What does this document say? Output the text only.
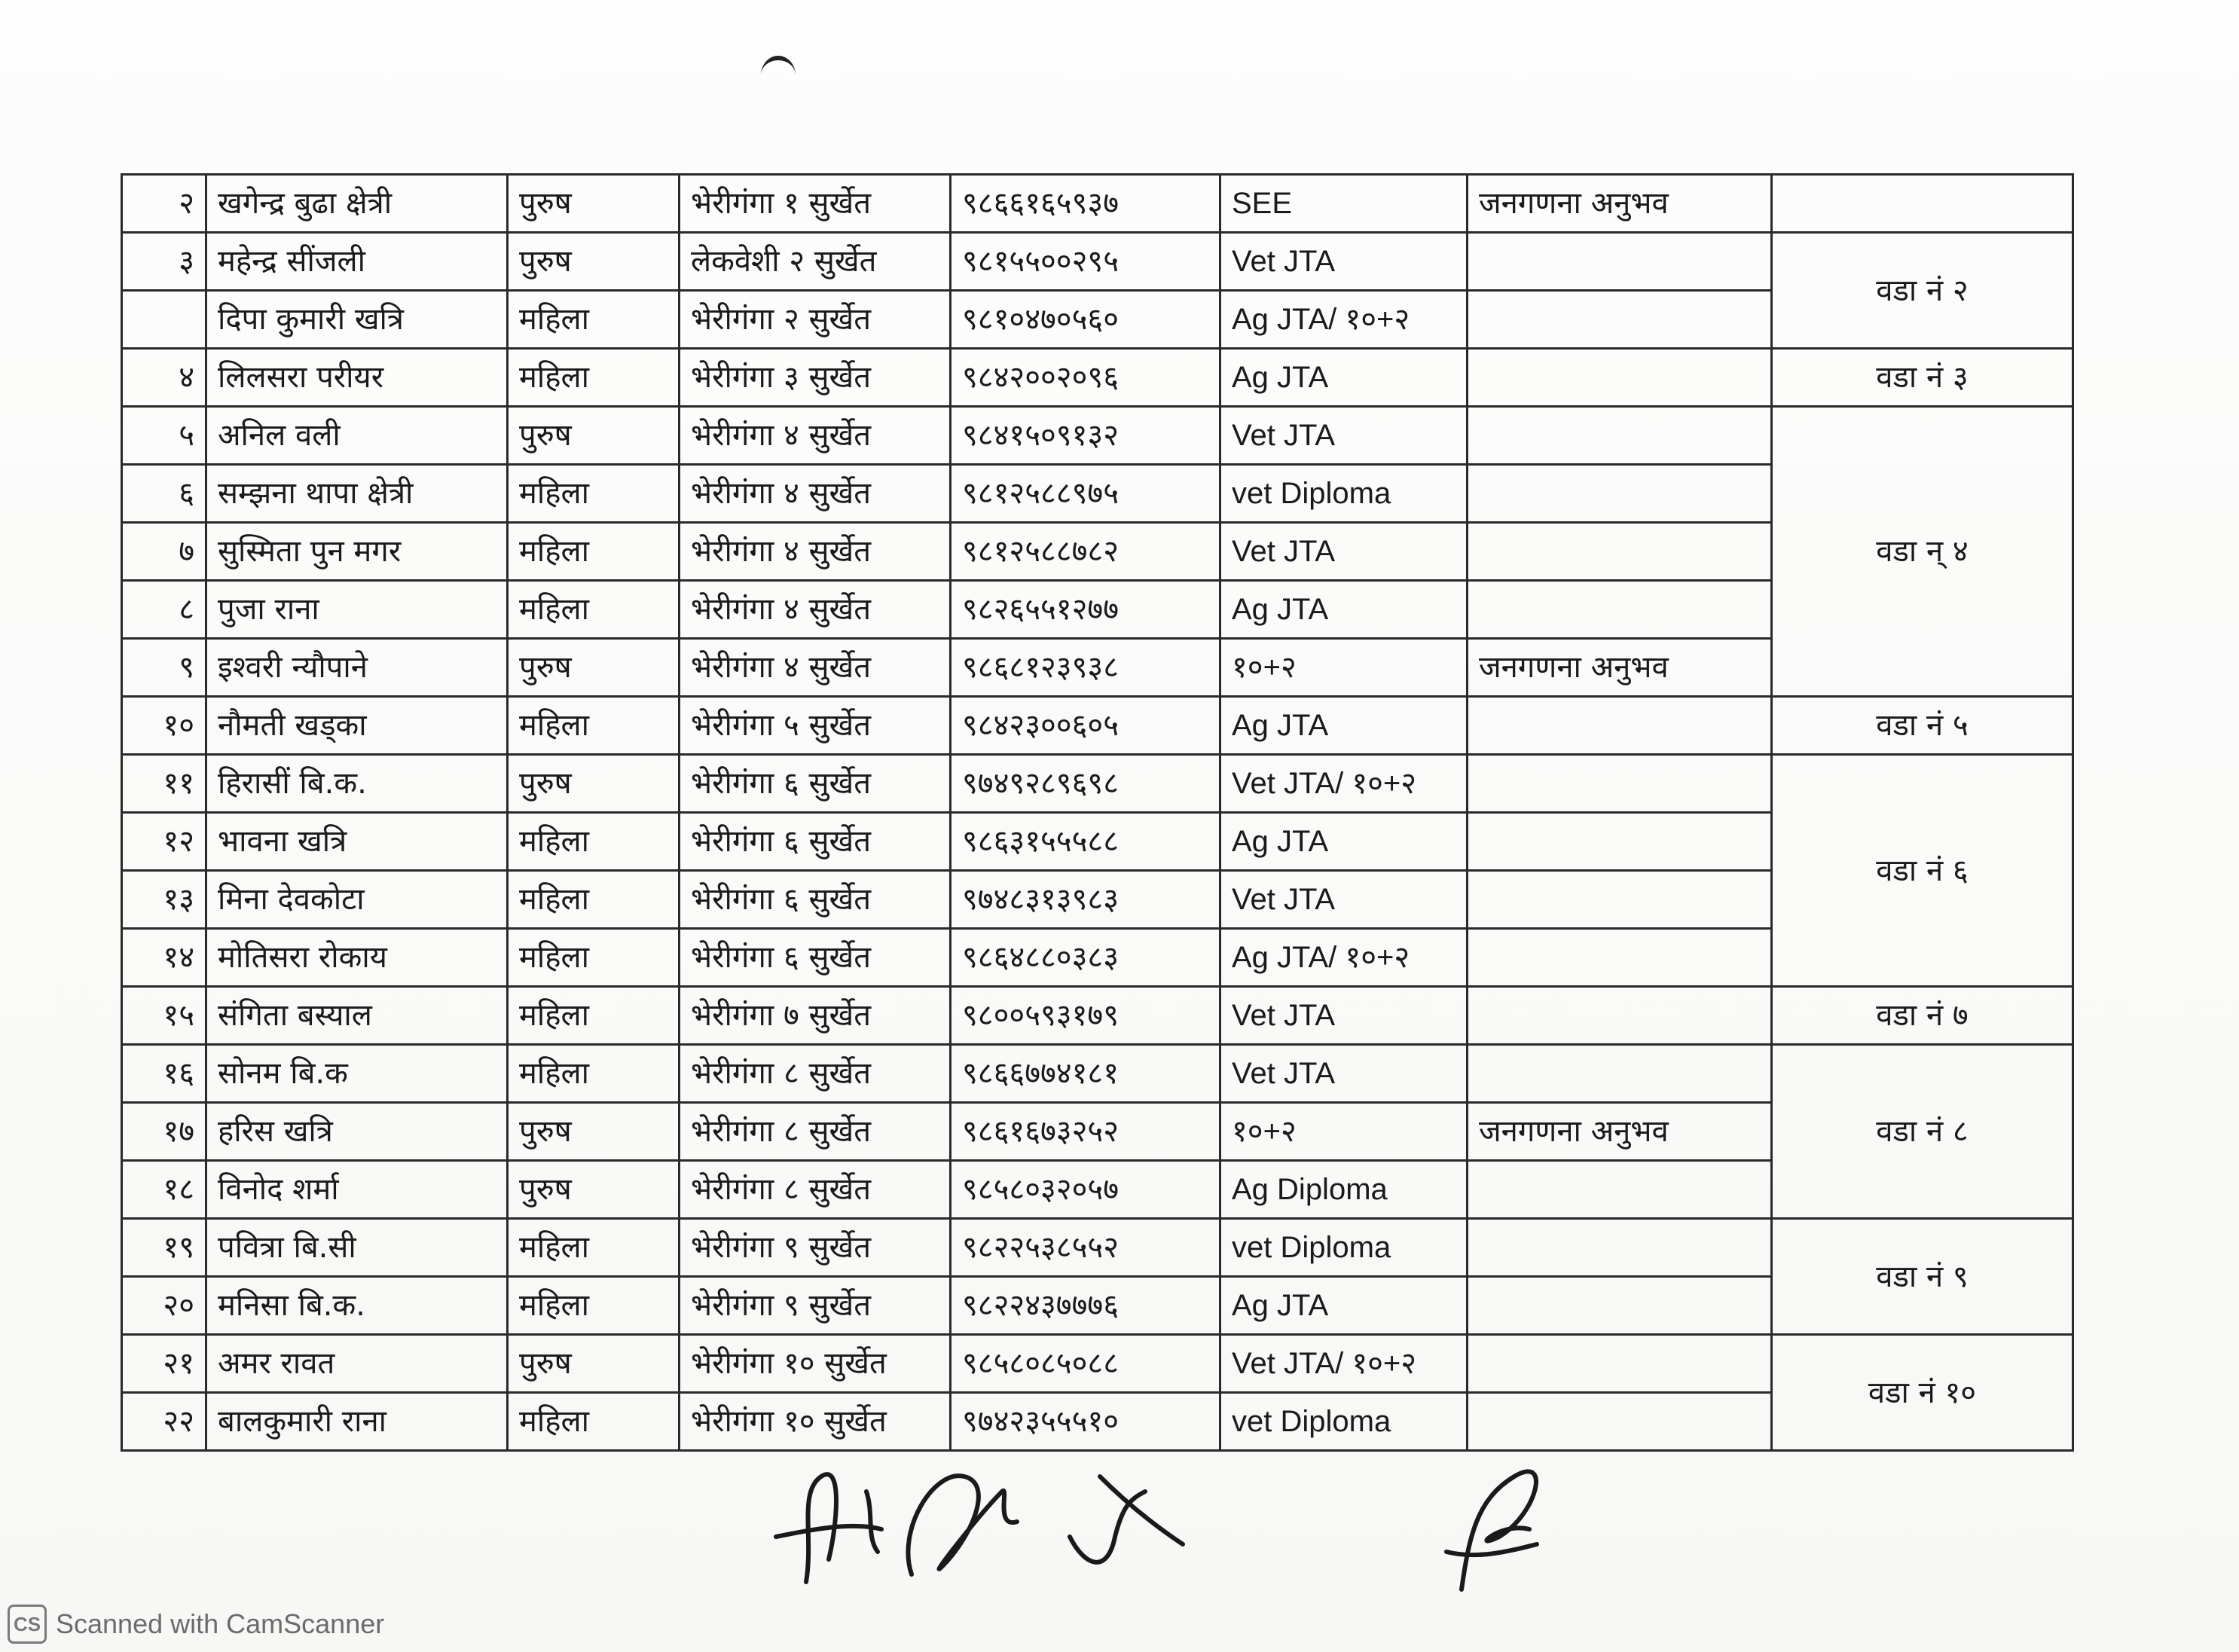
२	खगेन्द्र बुढा क्षेत्री	पुरुष	भेरीगंगा १ सुर्खेत	९८६६१६५९३७	SEE	जनगणना अनुभव	
३	महेन्द्र सींजली	पुरुष	लेकवेशी २ सुर्खेत	९८१५५००२९५	Vet JTA		वडा नं २
	दिपा कुमारी खत्रि	महिला	भेरीगंगा २ सुर्खेत	९८१०४७०५६०	Ag JTA/ १०+२		
४	लिलसरा परीयर	महिला	भेरीगंगा ३ सुर्खेत	९८४२००२०९६	Ag JTA		वडा नं ३
५	अनिल वली	पुरुष	भेरीगंगा ४ सुर्खेत	९८४१५०९१३२	Vet JTA		वडा न् ४
६	सम्झना थापा क्षेत्री	महिला	भेरीगंगा ४ सुर्खेत	९८१२५८८९७५	vet Diploma		
७	सुस्मिता पुन मगर	महिला	भेरीगंगा ४ सुर्खेत	९८१२५८८७८२	Vet JTA		
८	पुजा राना	महिला	भेरीगंगा ४ सुर्खेत	९८२६५५१२७७	Ag JTA		
९	इश्वरी न्यौपाने	पुरुष	भेरीगंगा ४ सुर्खेत	९८६८१२३९३८	१०+२	जनगणना अनुभव	
१०	नौमती खड्का	महिला	भेरीगंगा ५ सुर्खेत	९८४२३००६०५	Ag JTA		वडा नं ५
११	हिरासीं बि.क.	पुरुष	भेरीगंगा ६ सुर्खेत	९७४९२८९६९८	Vet JTA/ १०+२		वडा नं ६
१२	भावना खत्रि	महिला	भेरीगंगा ६ सुर्खेत	९८६३१५५५८८	Ag JTA		
१३	मिना देवकोटा	महिला	भेरीगंगा ६ सुर्खेत	९७४८३१३९८३	Vet JTA		
१४	मोतिसरा रोकाय	महिला	भेरीगंगा ६ सुर्खेत	९८६४८८०३८३	Ag JTA/ १०+२		
१५	संगिता बस्याल	महिला	भेरीगंगा ७ सुर्खेत	९८००५९३१७९	Vet JTA		वडा नं ७
१६	सोनम बि.क	महिला	भेरीगंगा ८ सुर्खेत	९८६६७७४१८१	Vet JTA		वडा नं ८
१७	हरिस खत्रि	पुरुष	भेरीगंगा ८ सुर्खेत	९८६१६७३२५२	१०+२	जनगणना अनुभव	
१८	विनोद शर्मा	पुरुष	भेरीगंगा ८ सुर्खेत	९८५८०३२०५७	Ag Diploma		
१९	पवित्रा बि.सी	महिला	भेरीगंगा ९ सुर्खेत	९८२२५३८५५२	vet Diploma		वडा नं ९
२०	मनिसा बि.क.	महिला	भेरीगंगा ९ सुर्खेत	९८२२४३७७७६	Ag JTA		
२१	अमर रावत	पुरुष	भेरीगंगा १० सुर्खेत	९८५८०८५०८८	Vet JTA/ १०+२		वडा नं १०
२२	बालकुमारी राना	महिला	भेरीगंगा १० सुर्खेत	९७४२३५५५१०	vet Diploma		
CS Scanned with CamScanner
